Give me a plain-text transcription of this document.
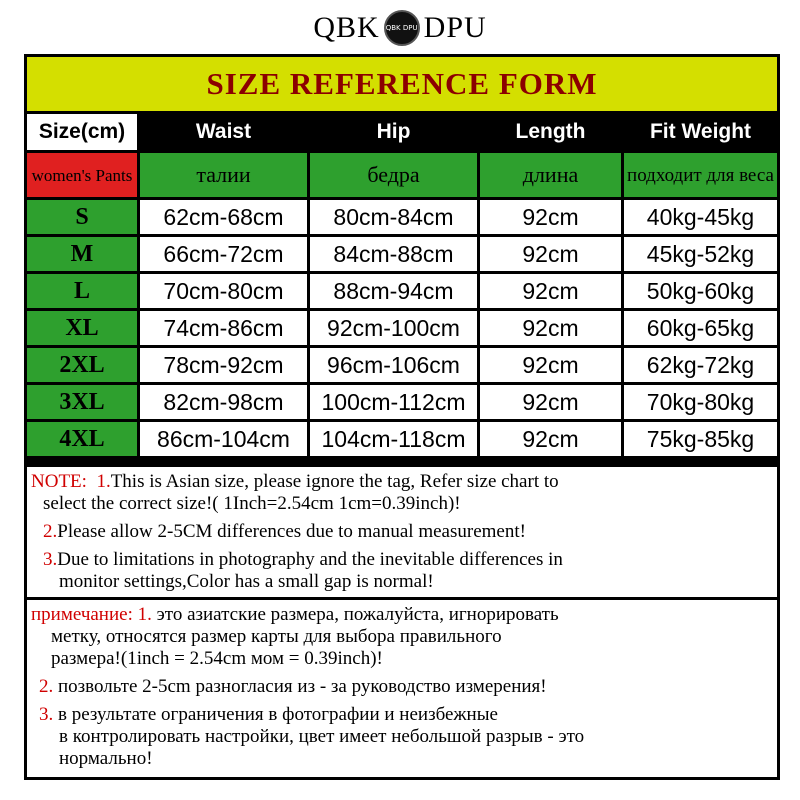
QBK QBK DPU DPU
SIZE REFERENCE FORM
Size(cm)	Waist	Hip	Length	Fit Weight
women's Pants	талии	бедра	длина	подходит для веса
S	62cm-68cm	80cm-84cm	92cm	40kg-45kg
M	66cm-72cm	84cm-88cm	92cm	45kg-52kg
L	70cm-80cm	88cm-94cm	92cm	50kg-60kg
XL	74cm-86cm	92cm-100cm	92cm	60kg-65kg
2XL	78cm-92cm	96cm-106cm	92cm	62kg-72kg
3XL	82cm-98cm	100cm-112cm	92cm	70kg-80kg
4XL	86cm-104cm	104cm-118cm	92cm	75kg-85kg
NOTE: 1.This is Asian size, please ignore the tag, Refer size chart to
select the correct size!( 1Inch=2.54cm 1cm=0.39inch)!
2.Please allow 2-5CM differences due to manual measurement!
3.Due to limitations in photography and the inevitable differences in
monitor settings,Color has a small gap is normal!
примечание: 1. это азиатские размера, пожалуйста, игнорировать
метку, относятся размер карты для выбора правильного
размера!(1inch = 2.54cm мом = 0.39inch)!
2. позвольте 2-5cm разногласия из - за руководство измерения!
3. в результате ограничения в фотографии и неизбежные
в контролировать настройки, цвет имеет небольшой разрыв - это
нормально!
